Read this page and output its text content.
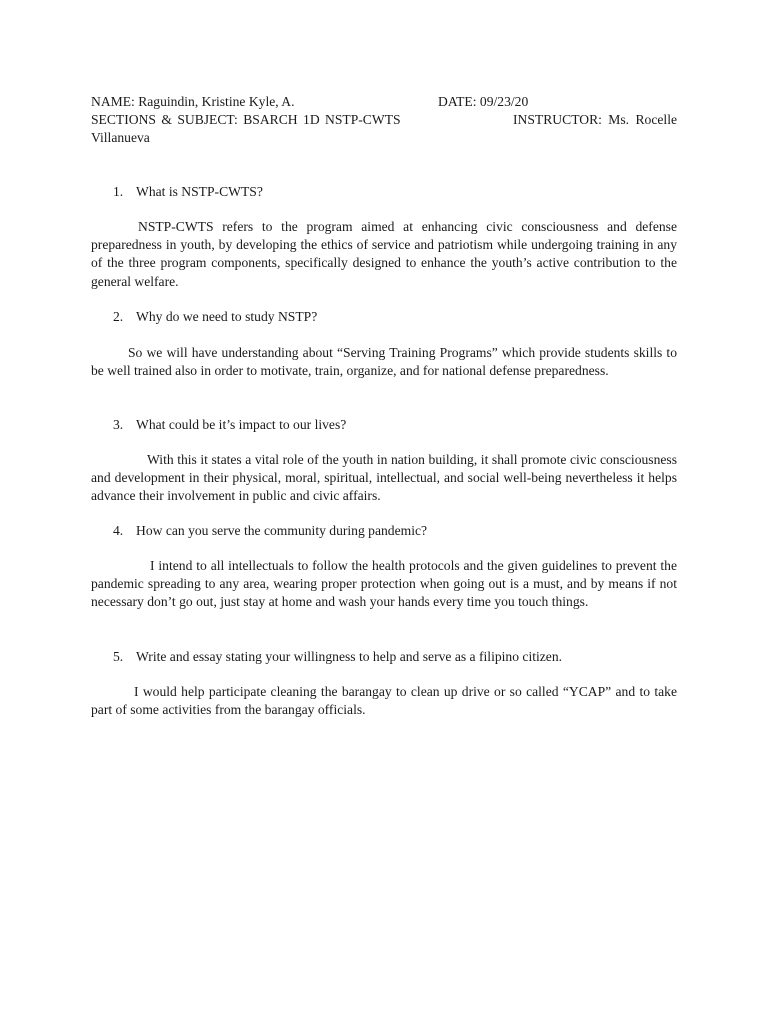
NAME: Raguindin, Kristine Kyle, A.	DATE: 09/23/20
SECTIONS & SUBJECT: BSARCH 1D NSTP-CWTS	INSTRUCTOR: Ms. Rocelle
Villanueva
1. What is NSTP-CWTS?

NSTP-CWTS refers to the program aimed at enhancing civic consciousness and defense preparedness in youth, by developing the ethics of service and patriotism while undergoing training in any of the three program components, specifically designed to enhance the youth’s active contribution to the general welfare.

2. Why do we need to study NSTP?

So we will have understanding about “Serving Training Programs” which provide students skills to be well trained also in order to motivate, train, organize, and for national defense preparedness.

3. What could be it’s impact to our lives?

With this it states a vital role of the youth in nation building, it shall promote civic consciousness and development in their physical, moral, spiritual, intellectual, and social well-being nevertheless it helps advance their involvement in public and civic affairs.

4. How can you serve the community during pandemic?

I intend to all intellectuals to follow the health protocols and the given guidelines to prevent the pandemic spreading to any area, wearing proper protection when going out is a must, and by means if not necessary don’t go out, just stay at home and wash your hands every time you touch things.

5. Write and essay stating your willingness to help and serve as a filipino citizen.

I would help participate cleaning the barangay to clean up drive or so called “YCAP” and to take part of some activities from the barangay officials.
